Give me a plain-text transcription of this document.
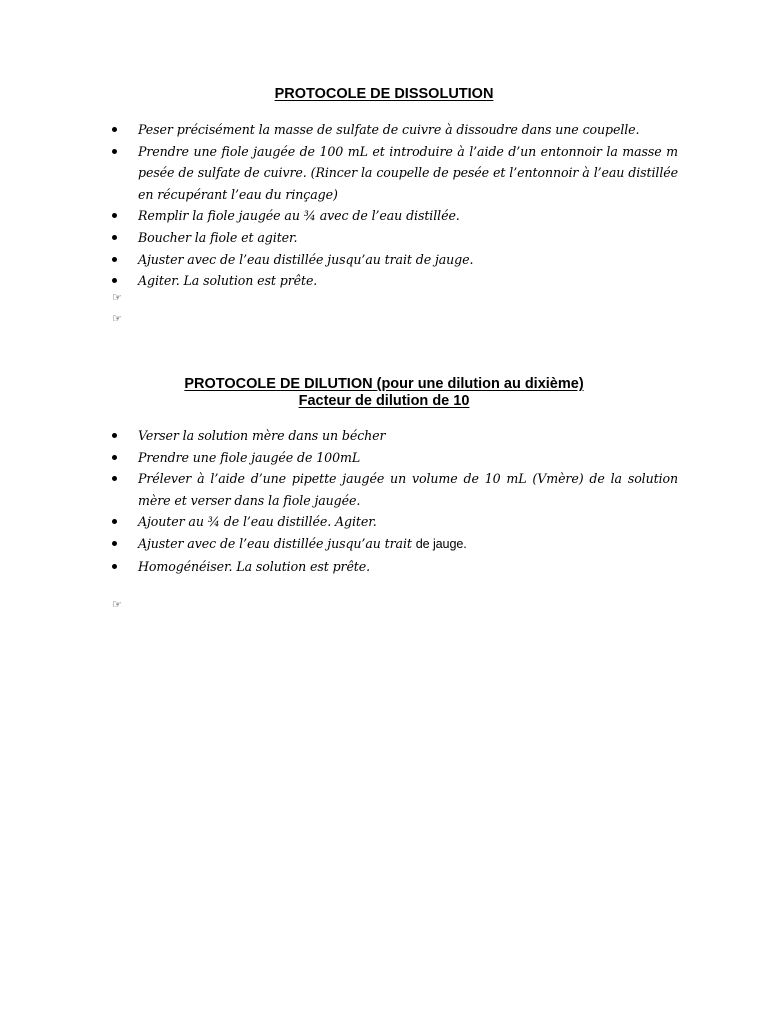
PROTOCOLE DE DISSOLUTION
Peser précisément la masse de sulfate de cuivre à dissoudre dans une coupelle.
Prendre une fiole jaugée de 100 mL et introduire à l’aide d’un entonnoir la masse m pesée de sulfate de cuivre. (Rincer la coupelle de pesée et l’entonnoir à l’eau distillée en récupérant l’eau du rinçage)
Remplir la fiole jaugée au ¾ avec de l’eau distillée.
Boucher la fiole et agiter.
Ajuster avec de l’eau distillée jusqu’au trait de jauge.
Agiter. La solution est prête.
☞
☞
PROTOCOLE DE DILUTION (pour une dilution au dixième)
Facteur de dilution de 10
Verser la solution mère dans un bécher
Prendre une fiole jaugée de 100mL
Prélever à l’aide d’une pipette jaugée un volume de 10 mL (Vmère) de la solution mère et verser dans la fiole jaugée.
Ajouter au ¾ de l’eau distillée. Agiter.
Ajuster avec de l’eau distillée jusqu’au trait de jauge.
Homogénéiser. La solution est prête.
☞
